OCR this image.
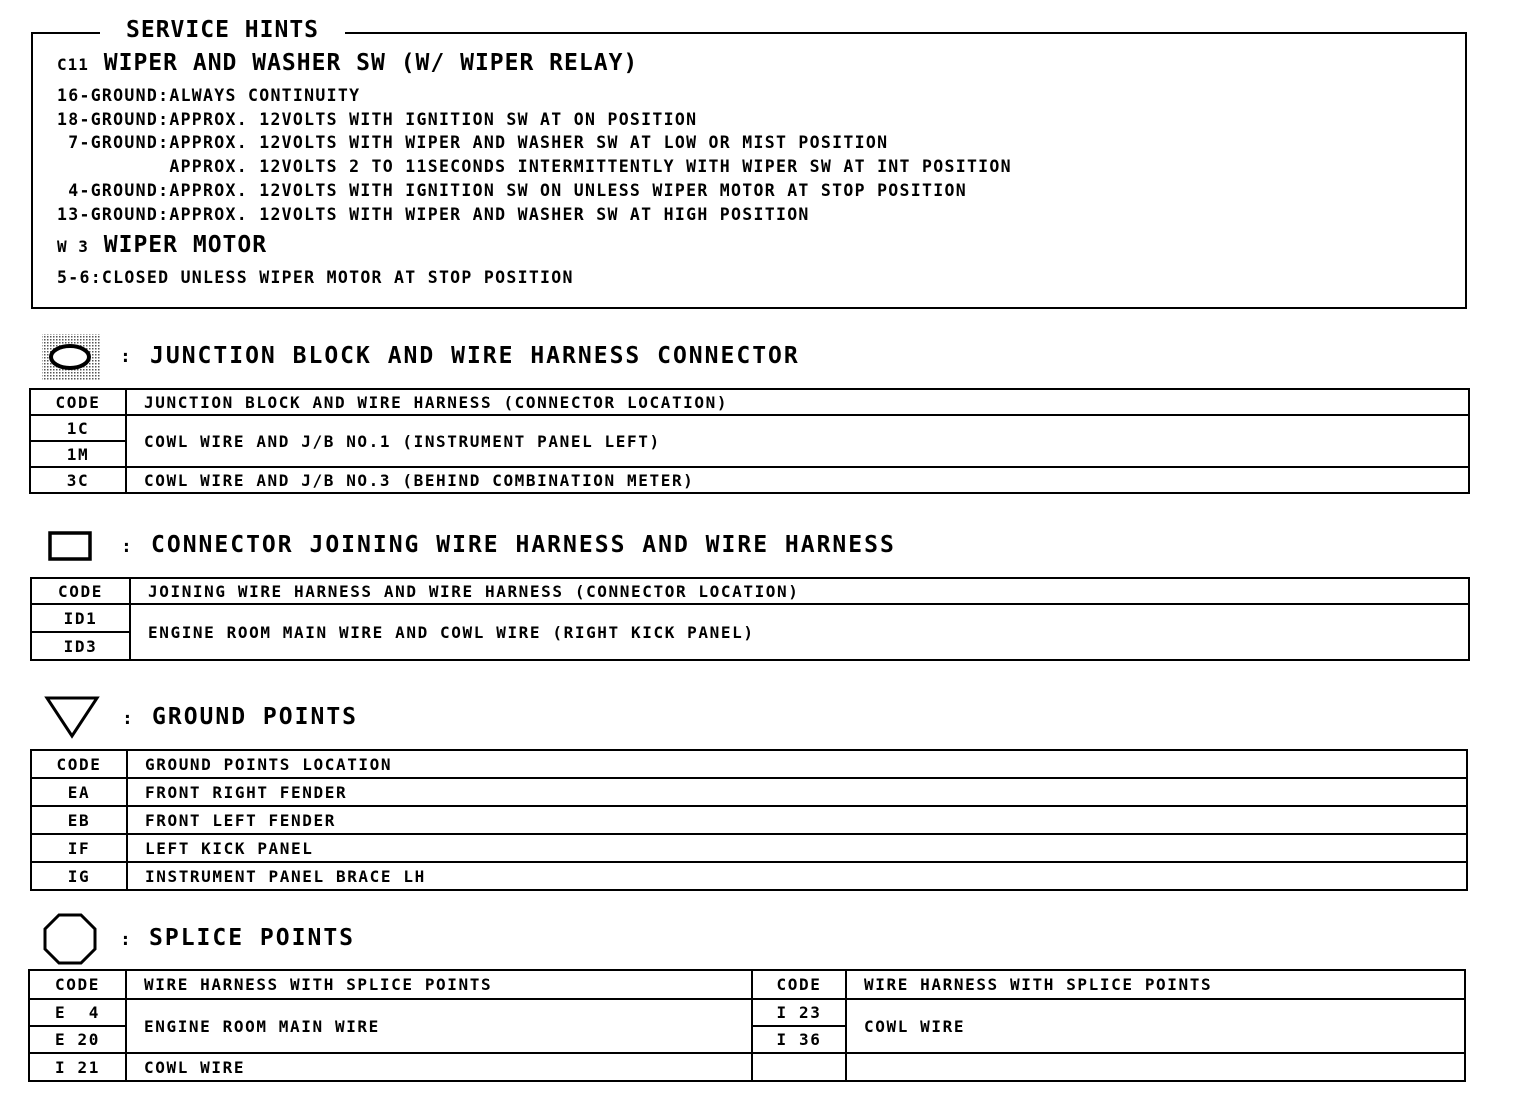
SERVICE HINTS
C11 WIPER AND WASHER SW (W/ WIPER RELAY)
16-GROUND:ALWAYS CONTINUITY
18-GROUND:APPROX. 12VOLTS WITH IGNITION SW AT ON POSITION
7-GROUND:APPROX. 12VOLTS WITH WIPER AND WASHER SW AT LOW OR MIST POSITION
APPROX. 12VOLTS 2 TO 11SECONDS INTERMITTENTLY WITH WIPER SW AT INT POSITION
4-GROUND:APPROX. 12VOLTS WITH IGNITION SW ON UNLESS WIPER MOTOR AT STOP POSITION
13-GROUND:APPROX. 12VOLTS WITH WIPER AND WASHER SW AT HIGH POSITION
W 3 WIPER MOTOR
5-6:CLOSED UNLESS WIPER MOTOR AT STOP POSITION
: JUNCTION BLOCK AND WIRE HARNESS CONNECTOR
CODE	JUNCTION BLOCK AND WIRE HARNESS (CONNECTOR LOCATION)
1C	COWL WIRE AND J/B NO.1 (INSTRUMENT PANEL LEFT)
1M	
3C	COWL WIRE AND J/B NO.3 (BEHIND COMBINATION METER)
: CONNECTOR JOINING WIRE HARNESS AND WIRE HARNESS
CODE	JOINING WIRE HARNESS AND WIRE HARNESS (CONNECTOR LOCATION)
ID1	ENGINE ROOM MAIN WIRE AND COWL WIRE (RIGHT KICK PANEL)
ID3	
: GROUND POINTS
CODE	GROUND POINTS LOCATION
EA	FRONT RIGHT FENDER
EB	FRONT LEFT FENDER
IF	LEFT KICK PANEL
IG	INSTRUMENT PANEL BRACE LH
: SPLICE POINTS
CODE	WIRE HARNESS WITH SPLICE POINTS	CODE	WIRE HARNESS WITH SPLICE POINTS
E  4	ENGINE ROOM MAIN WIRE	I 23	COWL WIRE
E 20		I 36	
I 21	COWL WIRE		
